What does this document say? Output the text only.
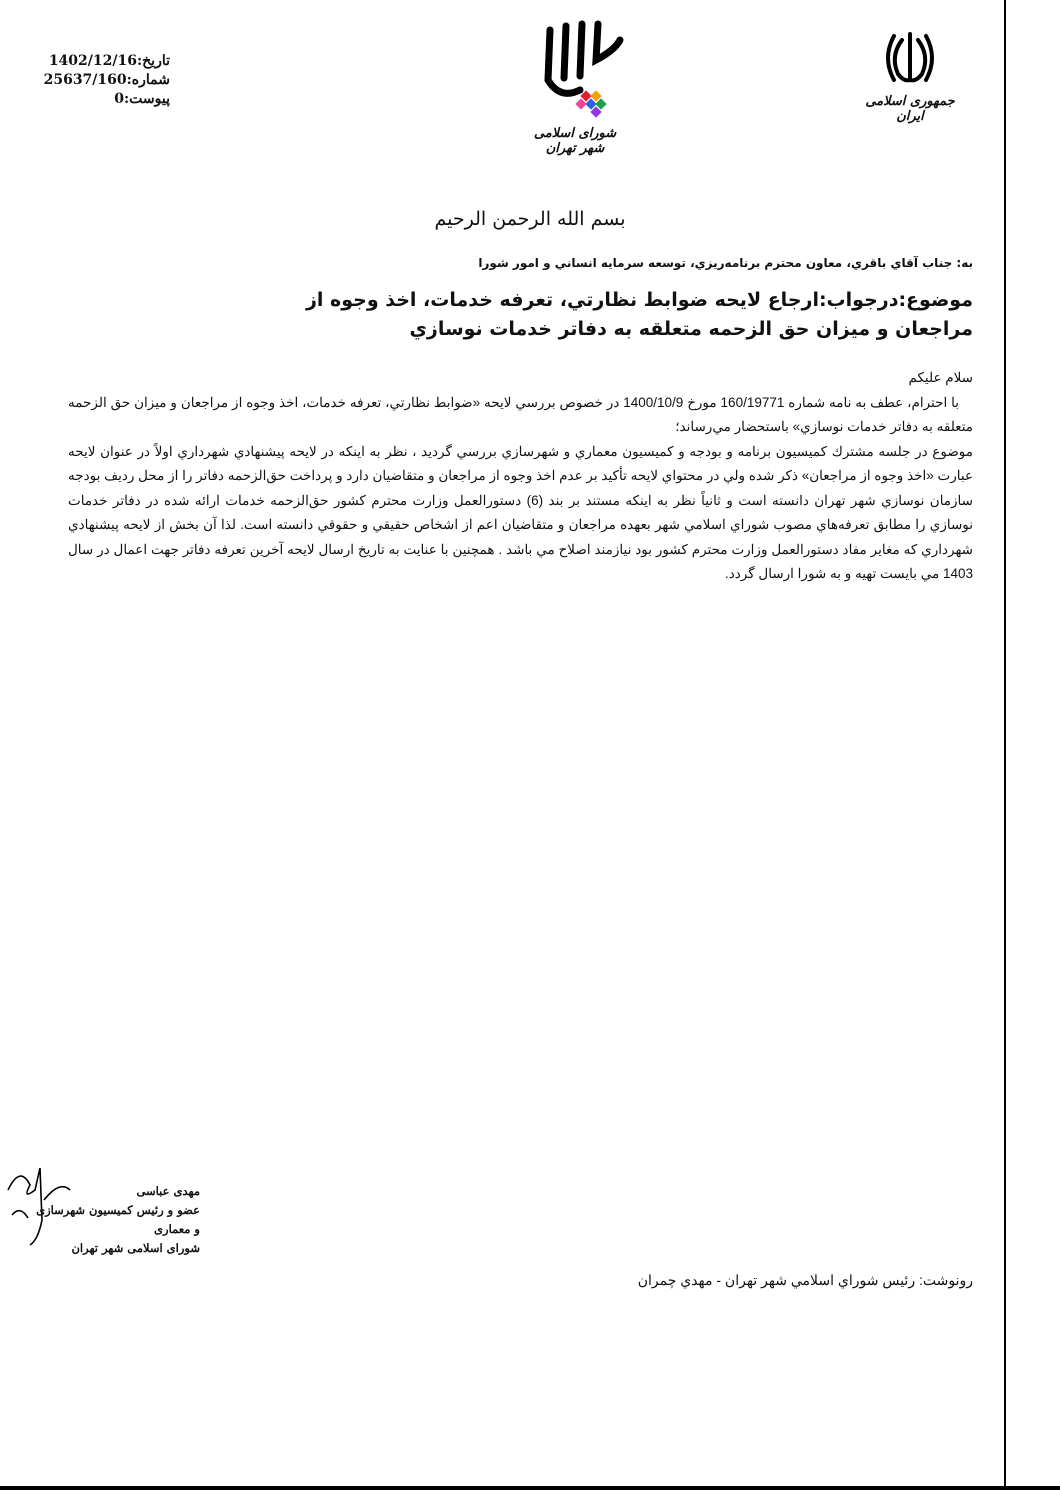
تاریخ:1402/12/16
شماره:25637/160
پیوست:0
شورای اسلامی شهر تهران
جمهوری اسلامی ایران
بسم الله الرحمن الرحيم
به: جناب آقاي باقري، معاون محترم برنامه‌ريزي، توسعه سرمايه انساني و امور شورا
موضوع:درجواب:ارجاع لايحه ضوابط نظارتي، تعرفه خدمات، اخذ وجوه از مراجعان و ميزان حق الزحمه متعلقه به دفاتر خدمات نوسازي

سلام عليكم

با احترام، عطف به نامه شماره 160/19771 مورخ 1400/10/9 در خصوص بررسي لايحه «ضوابط نظارتي، تعرفه خدمات، اخذ وجوه از مراجعان و ميزان حق الزحمه متعلقه به دفاتر خدمات نوسازي» باستحضار مي‌رساند؛

موضوع در جلسه مشترك كميسيون برنامه و بودجه و كميسيون معماري و شهرسازي بررسي گرديد ، نظر به اينكه در لايحه پيشنهادي شهرداري اولاً در عنوان لايحه عبارت «اخذ وجوه از مراجعان» ذكر شده ولي در محتواي لايحه تأكيد بر عدم اخذ وجوه از مراجعان و متقاضيان دارد و پرداخت حق‌الزحمه دفاتر را از محل رديف بودجه سازمان نوسازي شهر تهران دانسته است و ثانياً نظر به اينكه مستند بر بند (6) دستورالعمل وزارت محترم كشور حق‌الزحمه خدمات ارائه شده در دفاتر خدمات نوسازي را مطابق تعرفه‌هاي مصوب شوراي اسلامي شهر بعهده مراجعان و متقاضيان اعم از اشخاص حقيقي و حقوقي دانسته است. لذا آن بخش از لايحه پيشنهادي شهرداري كه مغاير مفاد دستورالعمل وزارت محترم كشور بود نيازمند اصلاح مي باشد . همچنين با عنايت به تاريخ ارسال لايحه آخرين تعرفه دفاتر جهت اعمال در سال 1403 مي بايست تهيه و به شورا ارسال گردد.

مهدی عباسی
عضو و رئیس کمیسیون شهرسازی و معماری
شورای اسلامی شهر تهران
رونوشت: رئيس شوراي اسلامي شهر تهران - مهدي چمران
